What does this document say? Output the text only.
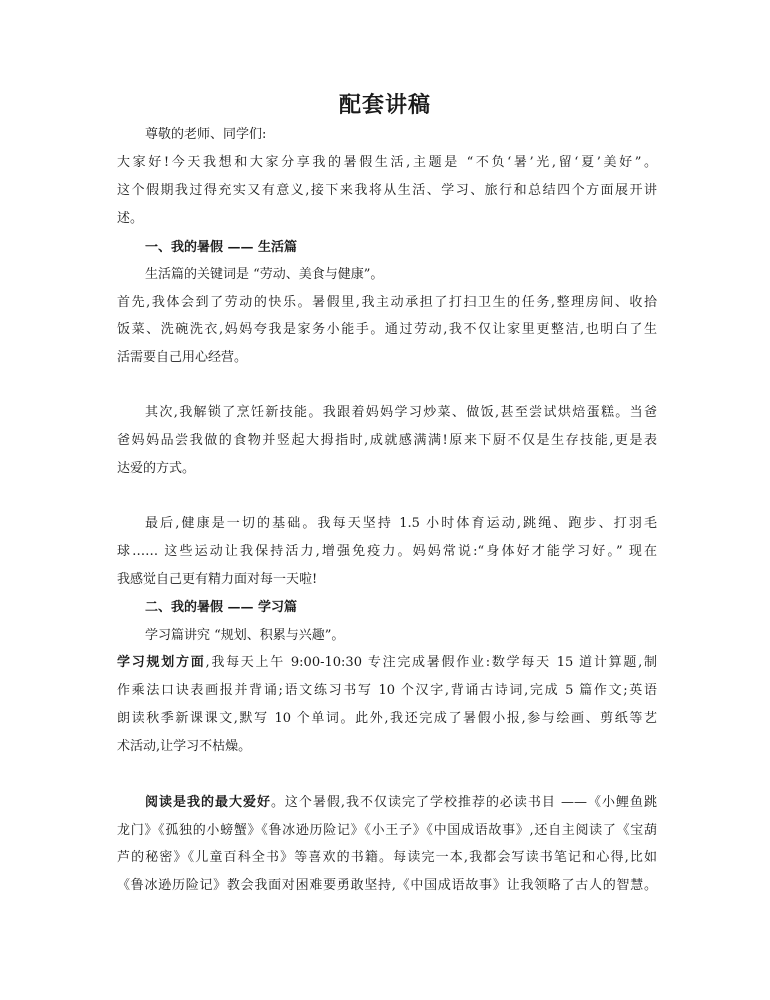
配套讲稿

尊敬的老师、同学们:

大家好!今天我想和大家分享我的暑假生活,主题是 “不负‘暑’光,留‘夏’美好”。

这个假期我过得充实又有意义,接下来我将从生活、学习、旅行和总结四个方面展开讲

述。

一、我的暑假 —— 生活篇

生活篇的关键词是 “劳动、美食与健康”。

首先,我体会到了劳动的快乐。暑假里,我主动承担了打扫卫生的任务,整理房间、收拾

饭菜、洗碗洗衣,妈妈夸我是家务小能手。通过劳动,我不仅让家里更整洁,也明白了生

活需要自己用心经营。

其次,我解锁了烹饪新技能。我跟着妈妈学习炒菜、做饭,甚至尝试烘焙蛋糕。当爸

爸妈妈品尝我做的食物并竖起大拇指时,成就感满满!原来下厨不仅是生存技能,更是表

达爱的方式。

最后,健康是一切的基础。我每天坚持 1.5 小时体育运动,跳绳、跑步、打羽毛

球…… 这些运动让我保持活力,增强免疫力。妈妈常说:“身体好才能学习好。” 现在

我感觉自己更有精力面对每一天啦!

二、我的暑假 —— 学习篇

学习篇讲究 “规划、积累与兴趣”。

学习规划方面,我每天上午 9:00-10:30 专注完成暑假作业:数学每天 15 道计算题,制

作乘法口诀表画报并背诵;语文练习书写 10 个汉字,背诵古诗词,完成 5 篇作文;英语

朗读秋季新课课文,默写 10 个单词。此外,我还完成了暑假小报,参与绘画、剪纸等艺

术活动,让学习不枯燥。

阅读是我的最大爱好。这个暑假,我不仅读完了学校推荐的必读书目 ——《小鲤鱼跳

龙门》《孤独的小螃蟹》《鲁冰逊历险记》《小王子》《中国成语故事》,还自主阅读了《宝葫

芦的秘密》《儿童百科全书》等喜欢的书籍。每读完一本,我都会写读书笔记和心得,比如

《鲁冰逊历险记》教会我面对困难要勇敢坚持,《中国成语故事》让我领略了古人的智慧。
